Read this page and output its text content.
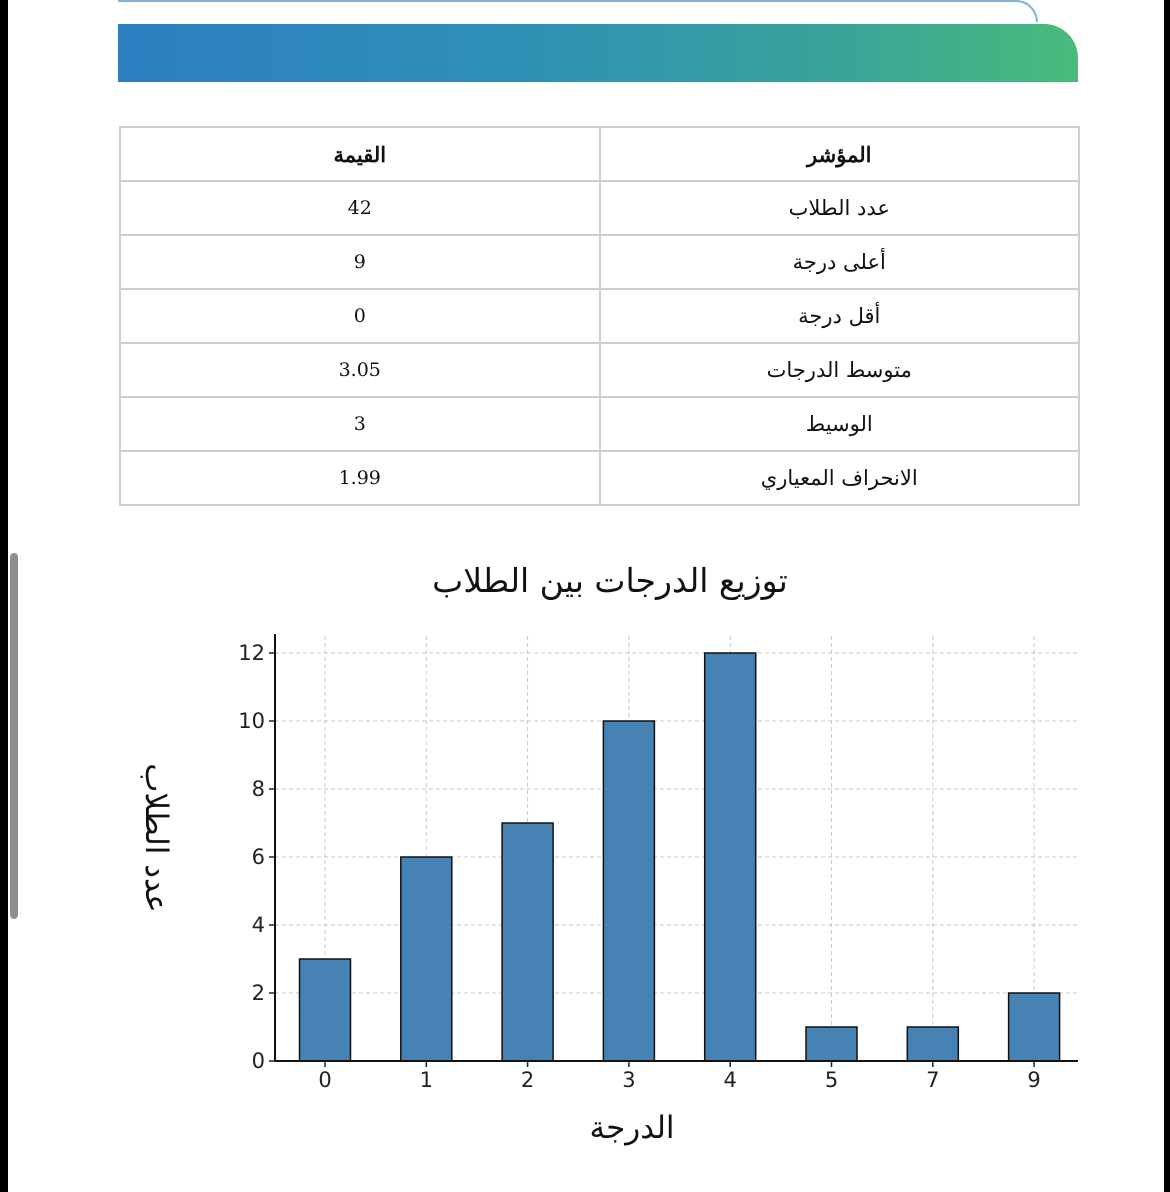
القيمة	المؤشر
42	عدد الطلاب
9	أعلى درجة
0	أقل درجة
3.05	متوسط الدرجات
3	الوسيط
1.99	الانحراف المعياري
توزيع الدرجات بين الطلاب
0
2
4
6
8
10
12
0	1	2	3	4	5	7	9
الدرجة
عدد الطلاب
